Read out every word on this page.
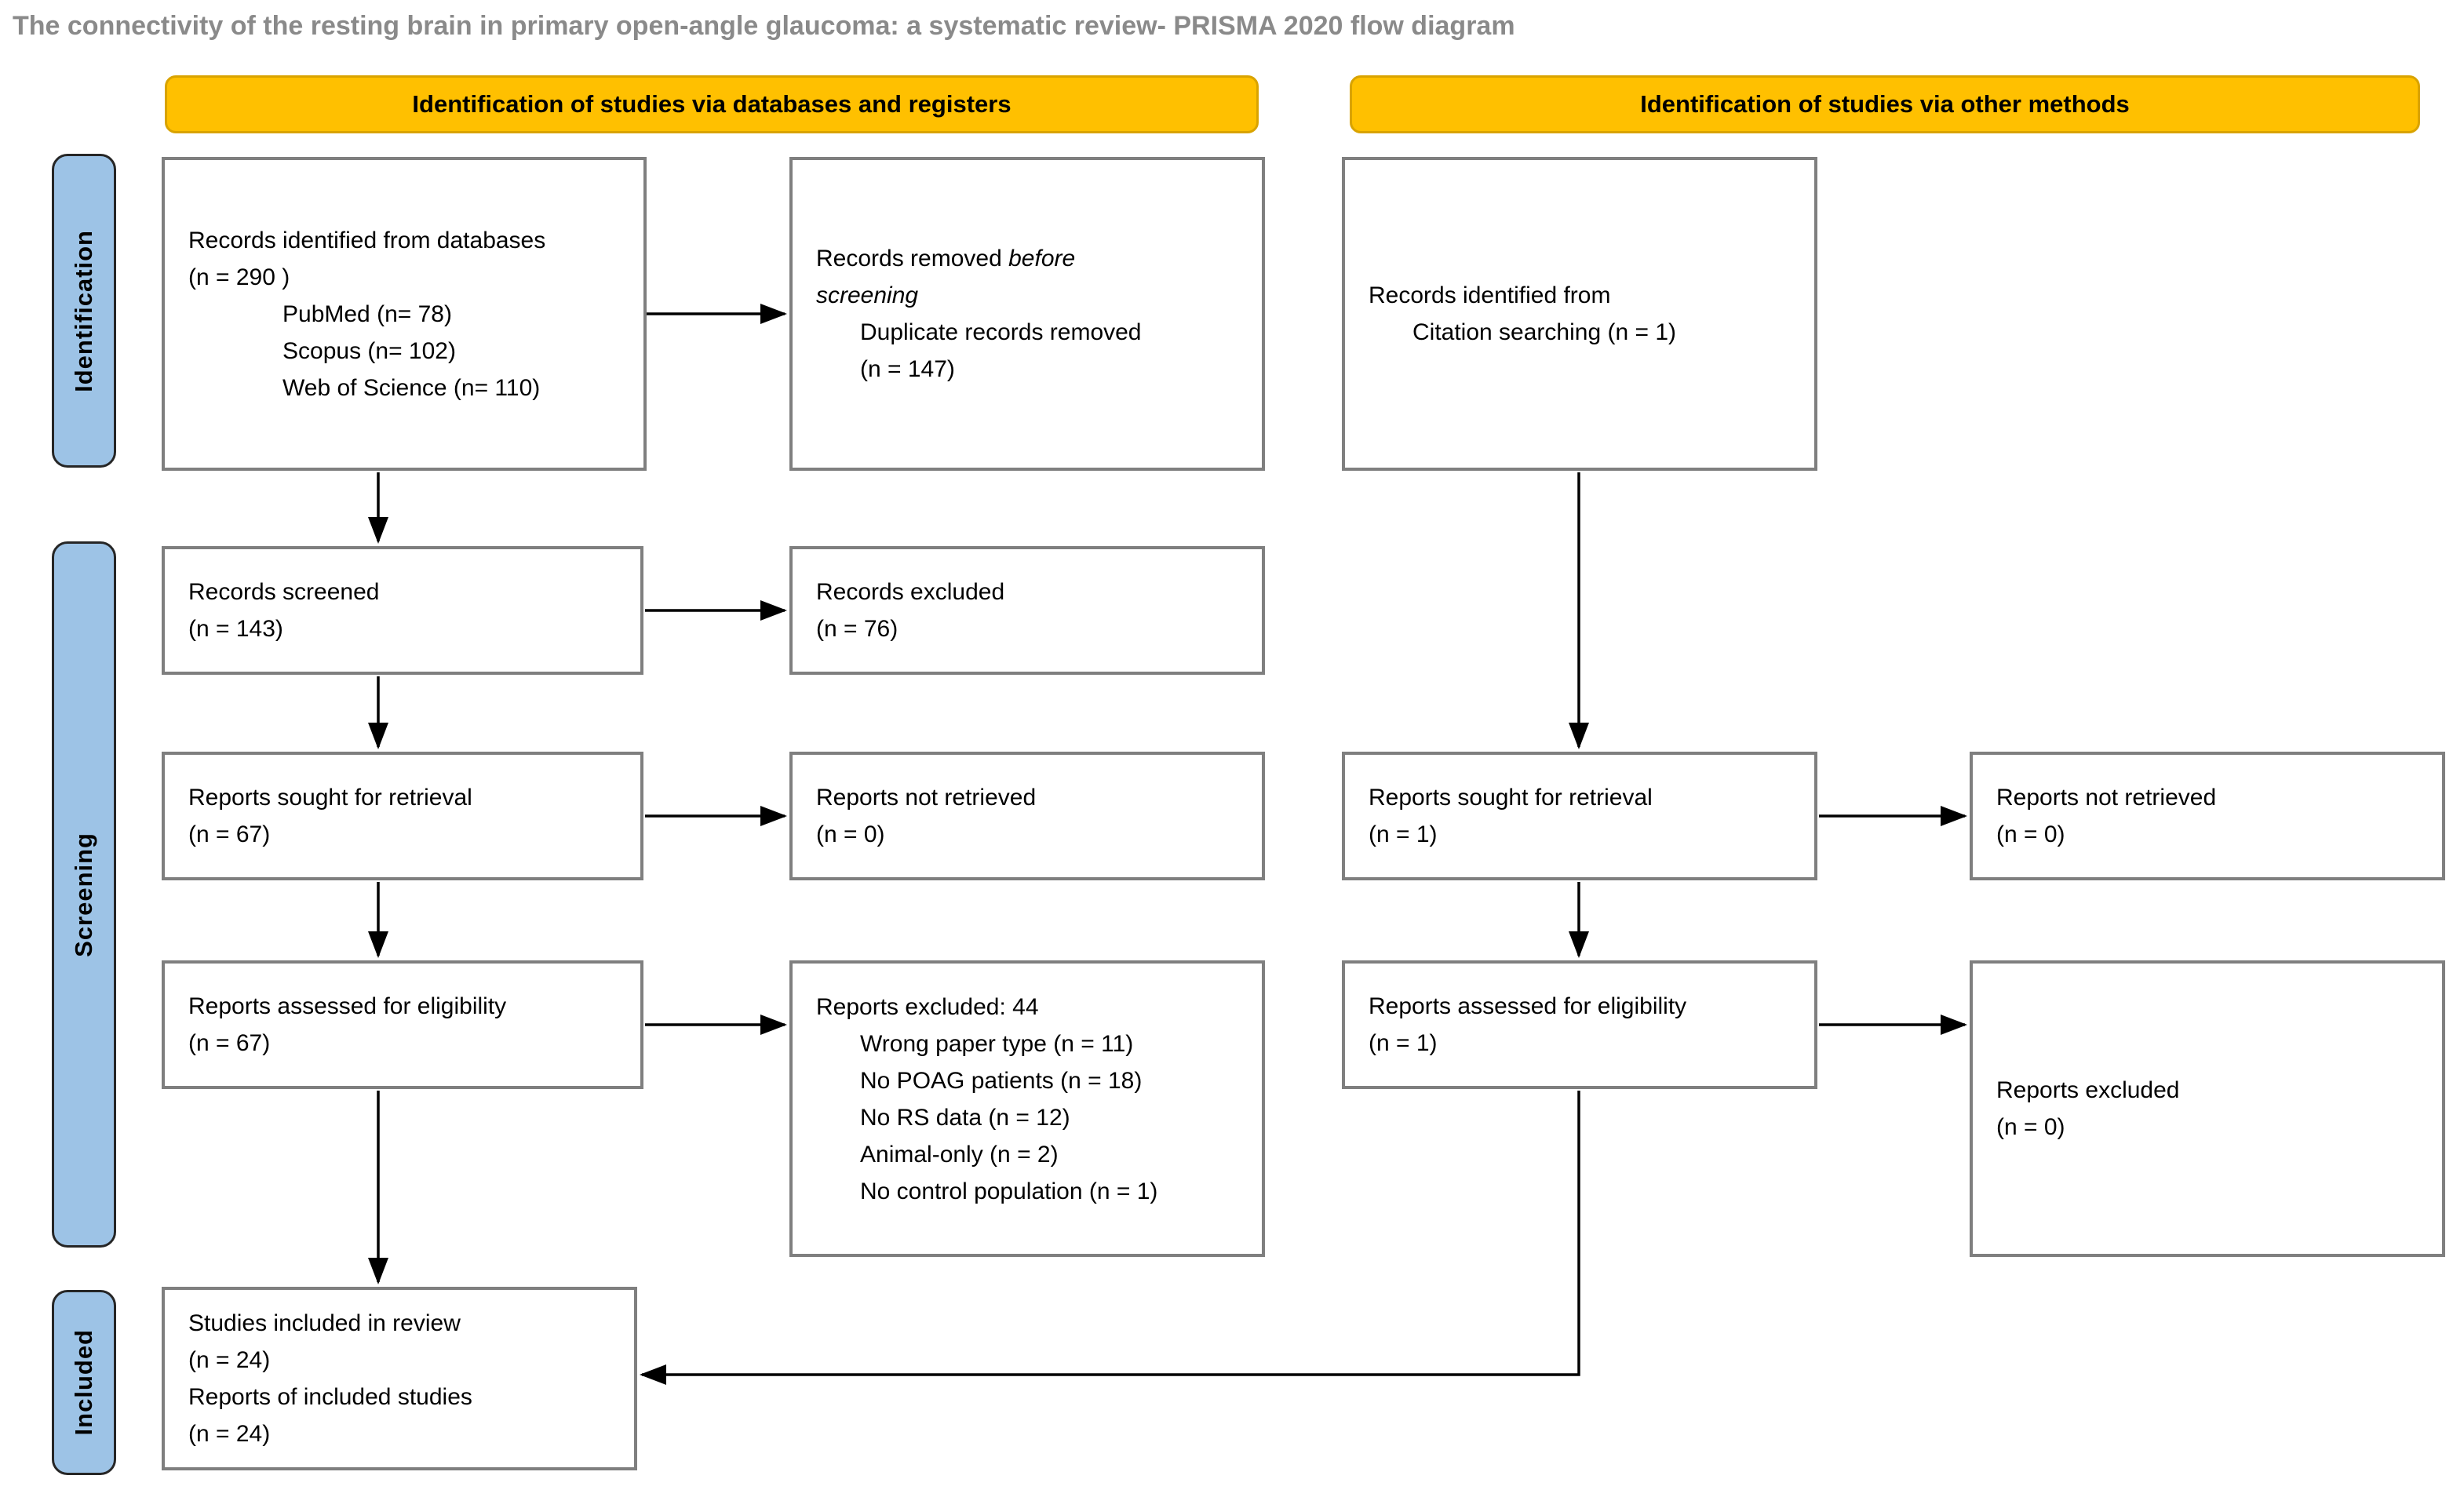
The connectivity of the resting brain in primary open-angle glaucoma: a systematic review- PRISMA 2020 flow diagram
Identification of studies via databases and registers	Identification of studies via other methods
Identification
Screening
Included
Records identified from databases
(n = 290 )
PubMed (n= 78)
Scopus (n= 102)
Web of Science (n= 110)
Records removed before
screening
Duplicate records removed
(n = 147)
Records identified from
Citation searching (n = 1)
Records screened
(n = 143)
Records excluded
(n = 76)
Reports sought for retrieval
(n = 67)
Reports not retrieved
(n = 0)
Reports assessed for eligibility
(n = 67)
Reports excluded: 44
Wrong paper type (n = 11)
No POAG patients (n = 18)
No RS data (n = 12)
Animal-only (n = 2)
No control population (n = 1)
Reports sought for retrieval
(n = 1)
Reports not retrieved
(n = 0)
Reports assessed for eligibility
(n = 1)
Reports excluded
(n = 0)
Studies included in review
(n = 24)
Reports of included studies
(n = 24)
